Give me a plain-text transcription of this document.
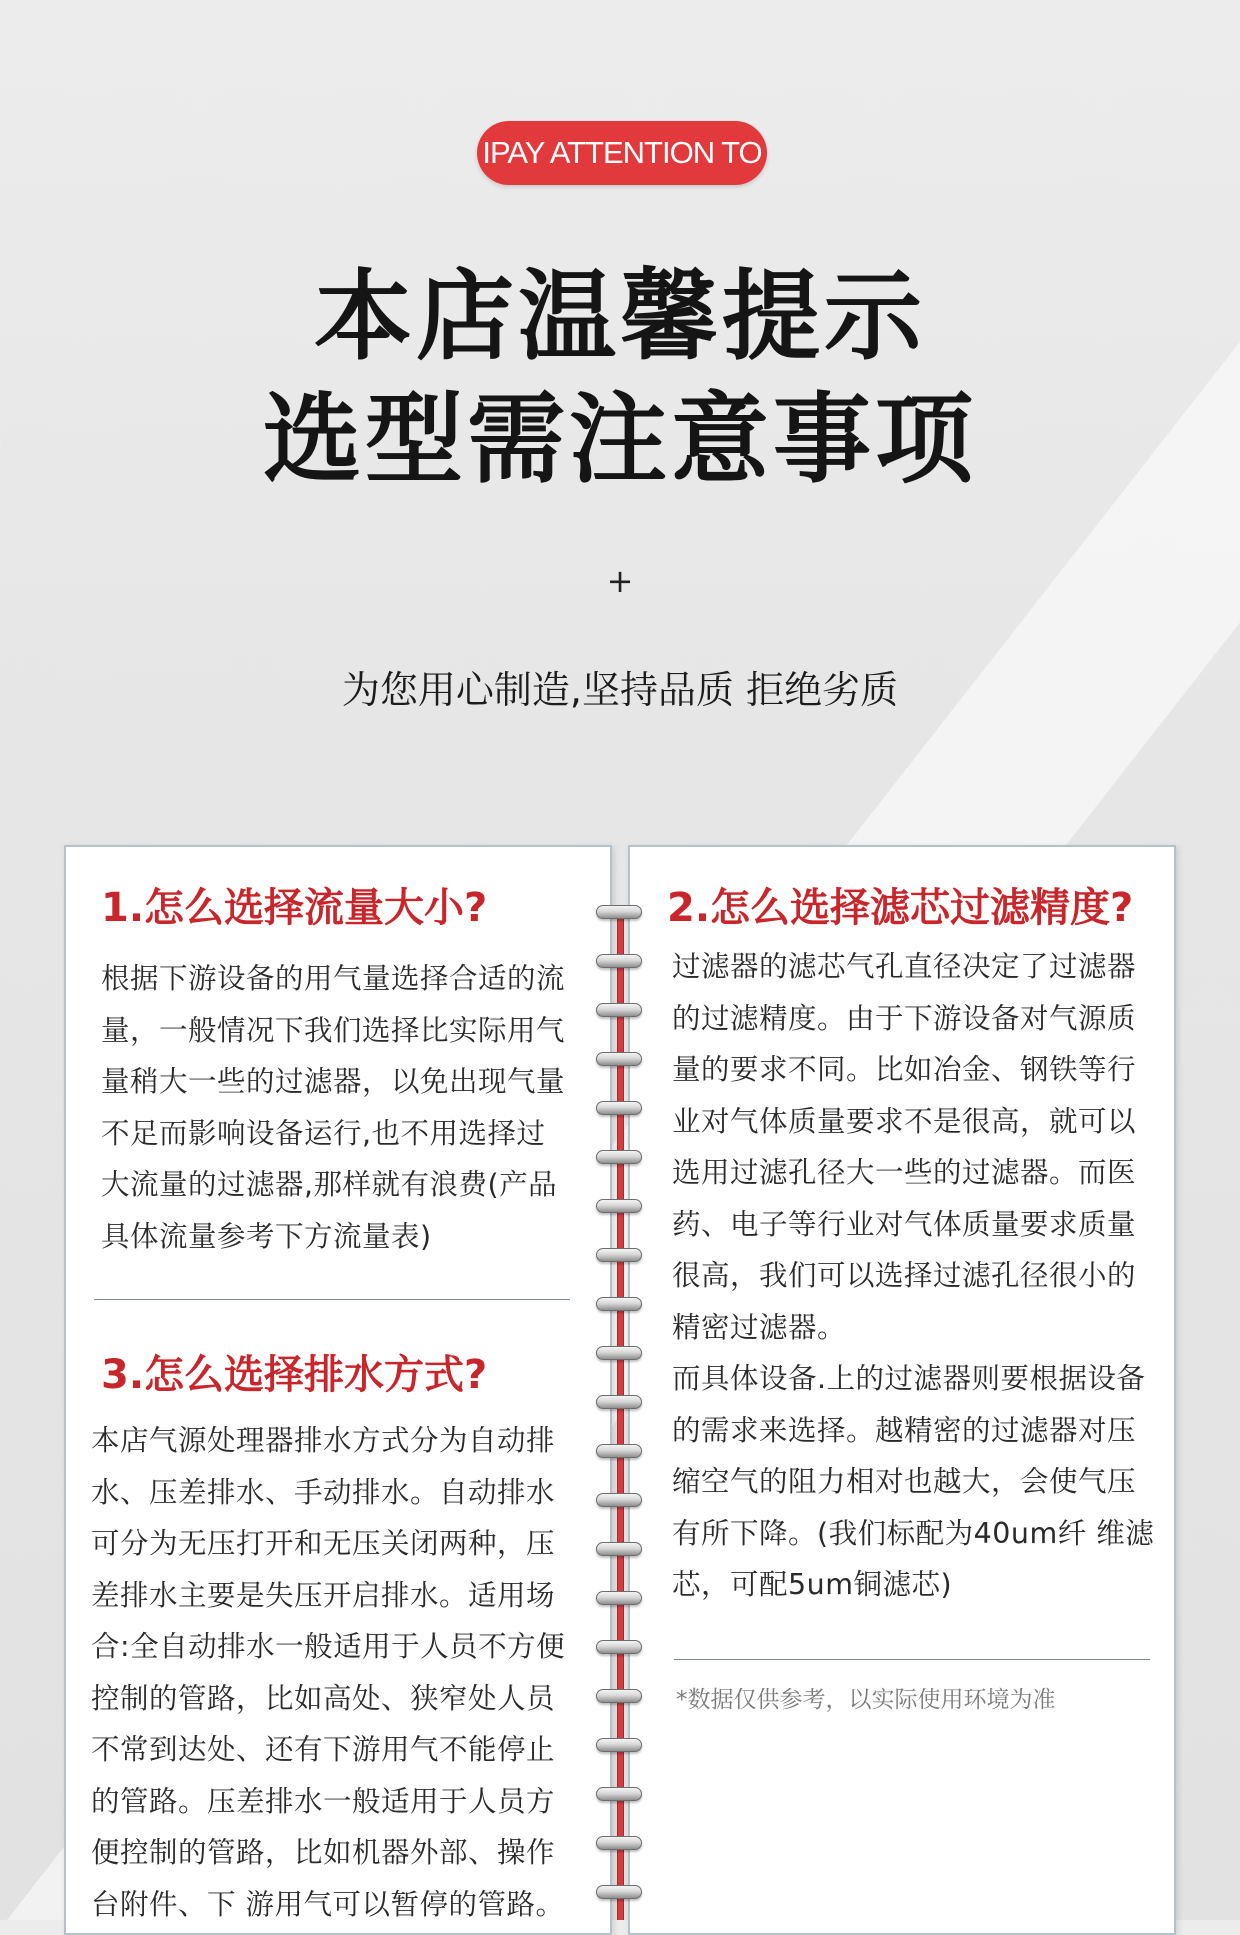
IPAY ATTENTION TO
本店温馨提示
选型需注意事项
+
为您用心制造,坚持品质 拒绝劣质
1.怎么选择流量大小?

根据下游设备的用气量选择合适的流
量，一般情况下我们选择比实际用气
量稍大一些的过滤器，以免出现气量
不足而影响设备运行,也不用选择过
大流量的过滤器,那样就有浪费(产品
具体流量参考下方流量表)

3.怎么选择排水方式?

本店气源处理器排水方式分为自动排
水、压差排水、手动排水。自动排水
可分为无压打开和无压关闭两种，压
差排水主要是失压开启排水。适用场
合:全自动排水一般适用于人员不方便
控制的管路，比如高处、狭窄处人员
不常到达处、还有下游用气不能停止
的管路。压差排水一般适用于人员方
便控制的管路，比如机器外部、操作
台附件、下 游用气可以暂停的管路。

2.怎么选择滤芯过滤精度?

过滤器的滤芯气孔直径决定了过滤器
的过滤精度。由于下游设备对气源质
量的要求不同。比如冶金、钢铁等行
业对气体质量要求不是很高，就可以
选用过滤孔径大一些的过滤器。而医
药、电子等行业对气体质量要求质量
很高，我们可以选择过滤孔径很小的
精密过滤器。
而具体设备.上的过滤器则要根据设备
的需求来选择。越精密的过滤器对压
缩空气的阻力相对也越大，会使气压
有所下降。(我们标配为40um纤 维滤
芯，可配5um铜滤芯)

*数据仅供参考，以实际使用环境为准
